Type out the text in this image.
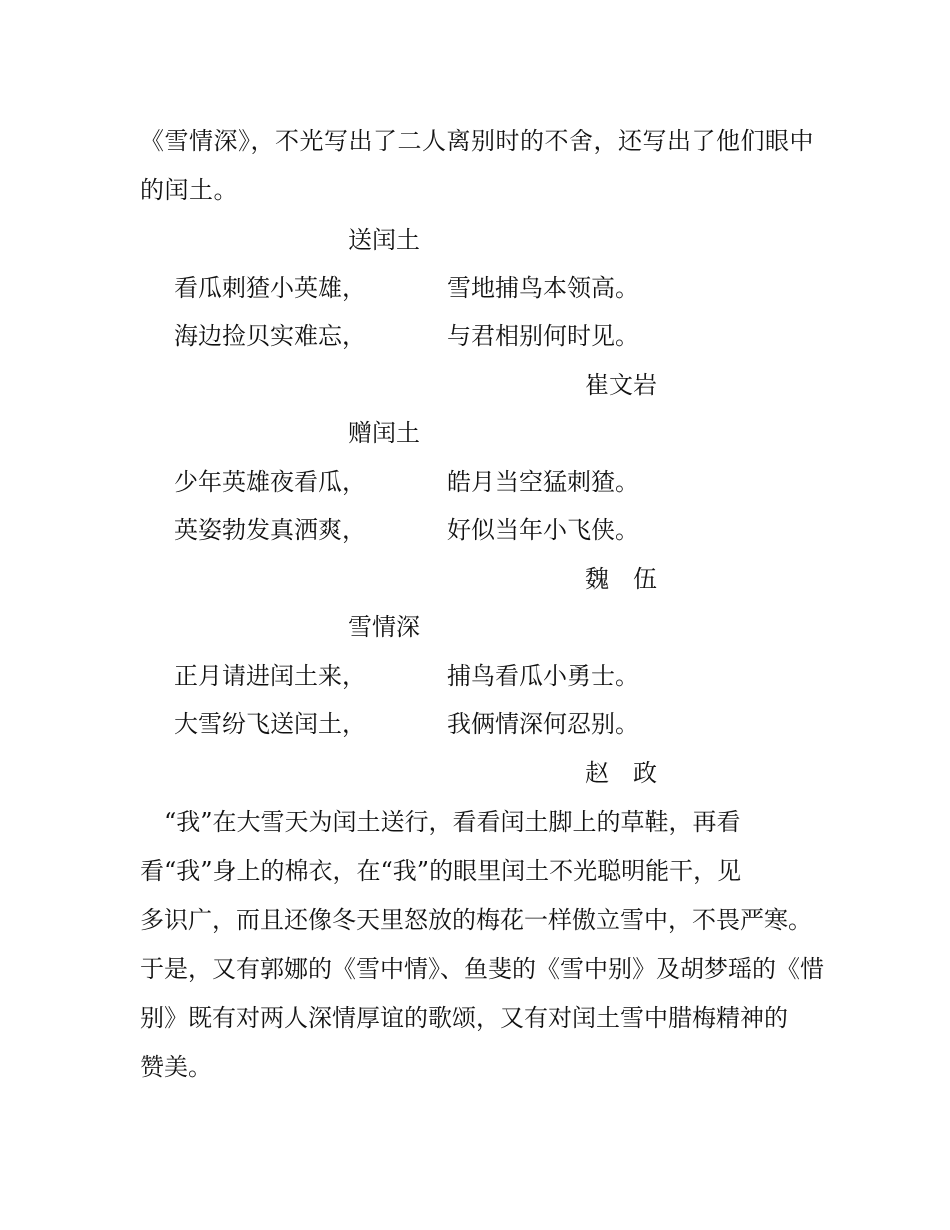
《雪情深》，不光写出了二人离别时的不舍，还写出了他们眼中
的闰土。
送闰土
看瓜刺猹小英雄，	雪地捕鸟本领高。
海边捡贝实难忘，	与君相别何时见。
崔文岩
赠闰土
少年英雄夜看瓜，	皓月当空猛刺猹。
英姿勃发真洒爽，	好似当年小飞侠。
魏　伍
雪情深
正月请进闰土来，	捕鸟看瓜小勇士。
大雪纷飞送闰土，	我俩情深何忍别。
赵　政
　“我”在大雪天为闰土送行，看看闰土脚上的草鞋，再看
看“我”身上的棉衣，在“我”的眼里闰土不光聪明能干，见
多识广，而且还像冬天里怒放的梅花一样傲立雪中，不畏严寒。
于是，又有郭娜的《雪中情》、鱼斐的《雪中别》及胡梦瑶的《惜
别》既有对两人深情厚谊的歌颂，又有对闰土雪中腊梅精神的
赞美。
